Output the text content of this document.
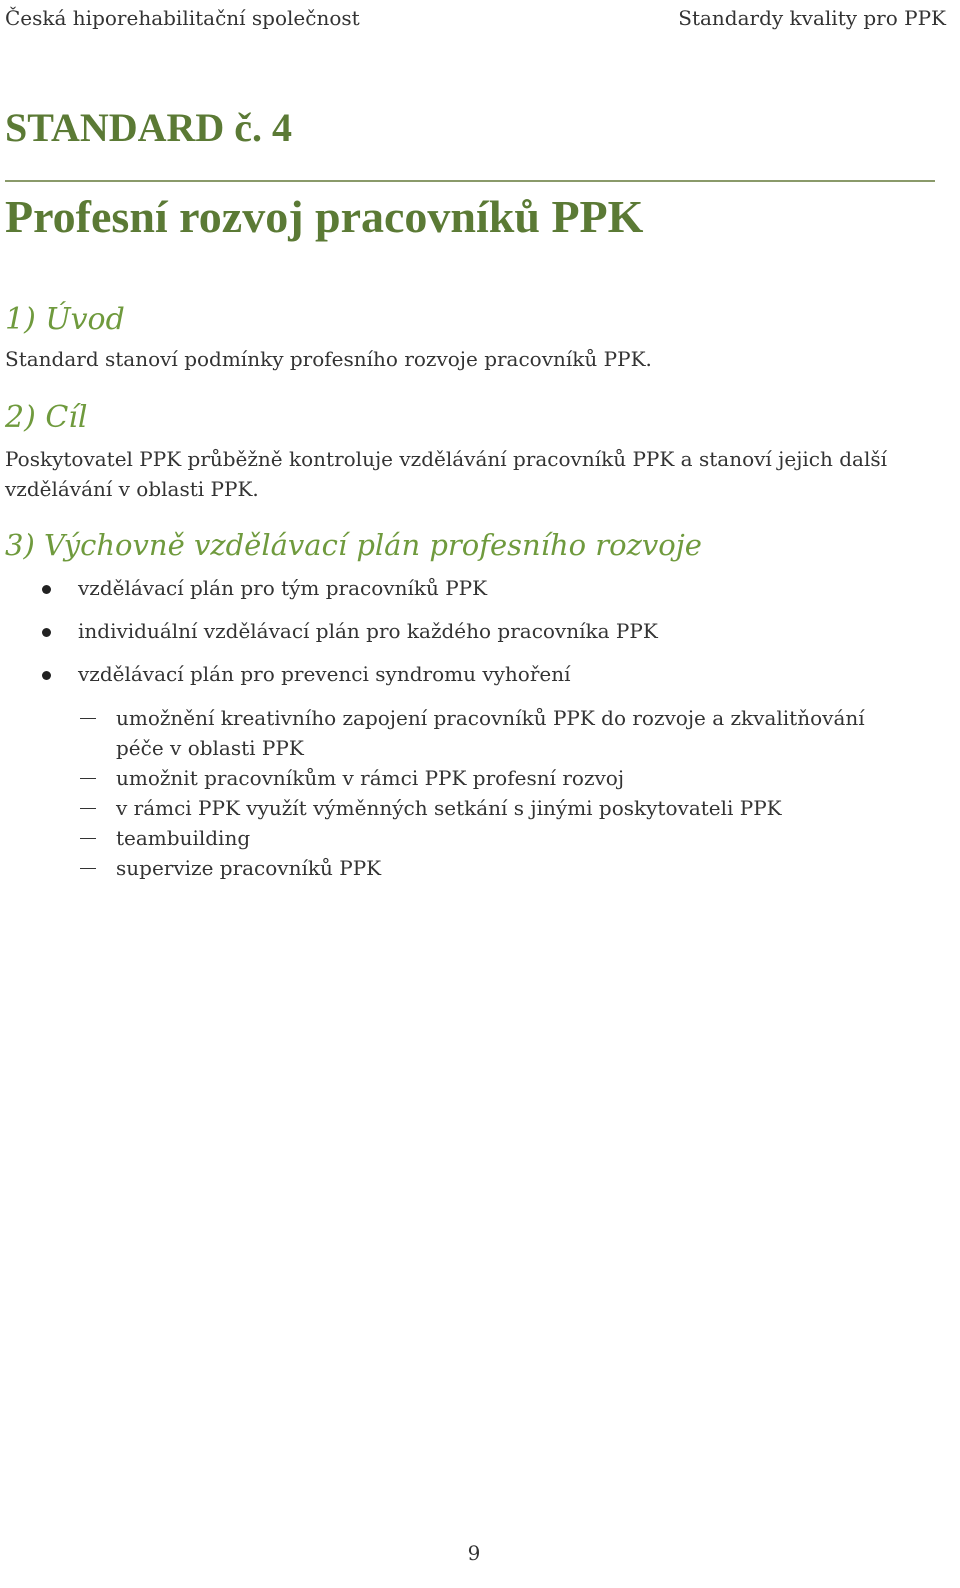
Česká hiporehabilitační společnost	Standardy kvality pro PPK
STANDARD č. 4
Profesní rozvoj pracovníků PPK
1) Úvod
Standard stanoví podmínky profesního rozvoje pracovníků PPK.
2) Cíl
Poskytovatel PPK průběžně kontroluje vzdělávání pracovníků PPK a stanoví jejich další vzdělávání v oblasti PPK.
3) Výchovně vzdělávací plán profesního rozvoje
vzdělávací plán pro tým pracovníků PPK
individuální vzdělávací plán pro každého pracovníka PPK
vzdělávací plán pro prevenci syndromu vyhoření
umožnění kreativního zapojení pracovníků PPK do rozvoje a zkvalitňování péče v oblasti PPK
umožnit pracovníkům v rámci PPK profesní rozvoj
v rámci PPK využít výměnných setkání s jinými poskytovateli PPK
teambuilding
supervize pracovníků PPK
9
